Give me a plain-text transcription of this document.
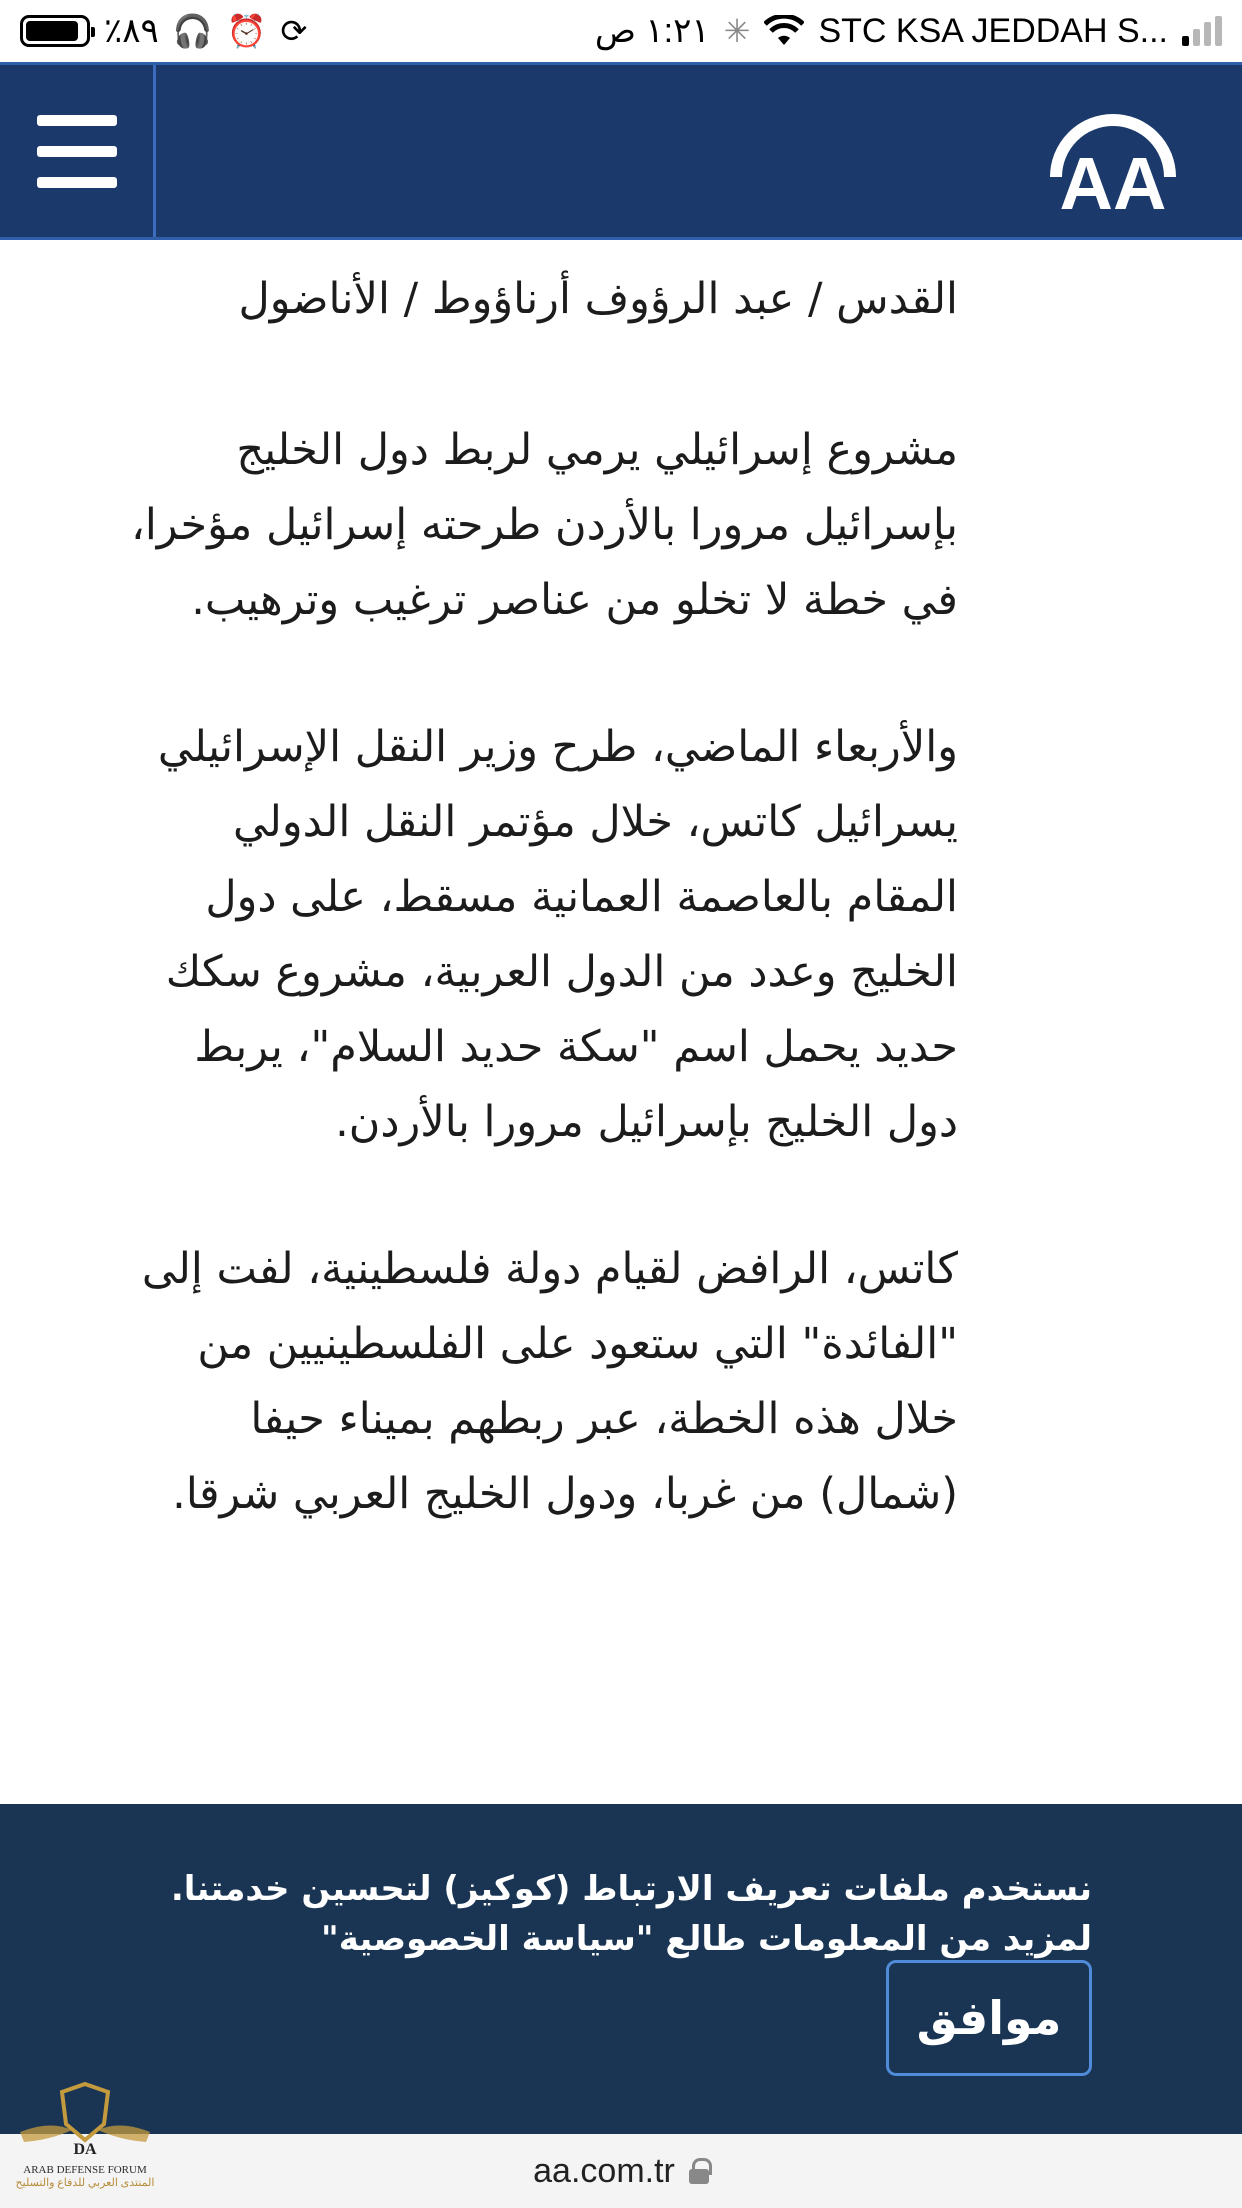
٪٨٩ 🎧 ⏰ ⟳	١:٢١ ص ✳ STC KSA JEDDAH S...
AA

القدس / عبد الرؤوف أرناؤوط / الأناضول

مشروع إسرائيلي يرمي لربط دول الخليج بإسرائيل مرورا بالأردن طرحته إسرائيل مؤخرا، في خطة لا تخلو من عناصر ترغيب وترهيب.

والأربعاء الماضي، طرح وزير النقل الإسرائيلي يسرائيل كاتس، خلال مؤتمر النقل الدولي المقام بالعاصمة العمانية مسقط، على دول الخليج وعدد من الدول العربية، مشروع سكك حديد يحمل اسم "سكة حديد السلام"، يربط دول الخليج بإسرائيل مرورا بالأردن.

كاتس، الرافض لقيام دولة فلسطينية، لفت إلى "الفائدة" التي ستعود على الفلسطينيين من خلال هذه الخطة، عبر ربطهم بميناء حيفا (شمال) من غربا، ودول الخليج العربي شرقا.

نستخدم ملفات تعريف الارتباط (كوكيز) لتحسين خدمتنا. لمزيد من المعلومات طالع "سياسة الخصوصية"

موافق
aa.com.tr
DA
ARAB DEFENSE FORUM
المنتدى العربي للدفاع والتسليح
